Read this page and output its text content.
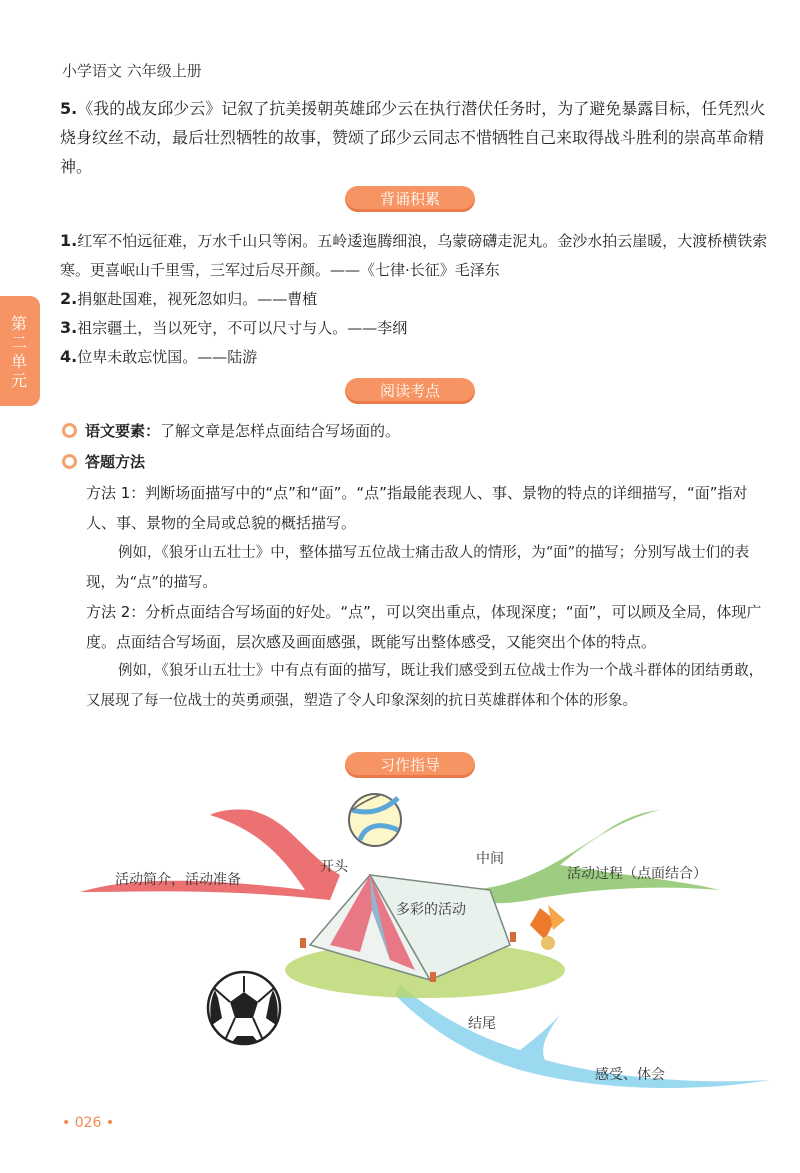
小学语文 六年级上册
5.《我的战友邱少云》记叙了抗美援朝英雄邱少云在执行潜伏任务时，为了避免暴露目标，任凭烈火烧身纹丝不动，最后壮烈牺牲的故事，赞颂了邱少云同志不惜牺牲自己来取得战斗胜利的崇高革命精神。
背诵积累
1.红军不怕远征难，万水千山只等闲。五岭逶迤腾细浪，乌蒙磅礴走泥丸。金沙水拍云崖暖，大渡桥横铁索寒。更喜岷山千里雪，三军过后尽开颜。——《七律·长征》毛泽东
2.捐躯赴国难，视死忽如归。——曹植
3.祖宗疆土，当以死守，不可以尺寸与人。——李纲
4.位卑未敢忘忧国。——陆游
第二单元
阅读考点
语文要素：了解文章是怎样点面结合写场面的。
答题方法
方法 1：判断场面描写中的“点”和“面”。“点”指最能表现人、事、景物的特点的详细描写，“面”指对人、事、景物的全局或总貌的概括描写。
例如，《狼牙山五壮士》中，整体描写五位战士痛击敌人的情形，为“面”的描写；分别写战士们的表现，为“点”的描写。
方法 2：分析点面结合写场面的好处。“点”，可以突出重点，体现深度；“面”，可以顾及全局，体现广度。点面结合写场面，层次感及画面感强，既能写出整体感受，又能突出个体的特点。
例如，《狼牙山五壮士》中有点有面的描写，既让我们感受到五位战士作为一个战斗群体的团结勇敢，又展现了每一位战士的英勇顽强，塑造了令人印象深刻的抗日英雄群体和个体的形象。
习作指导
开头
活动简介，活动准备
中间
活动过程（点面结合）
多彩的活动
结尾
感受、体会
• 026 •
